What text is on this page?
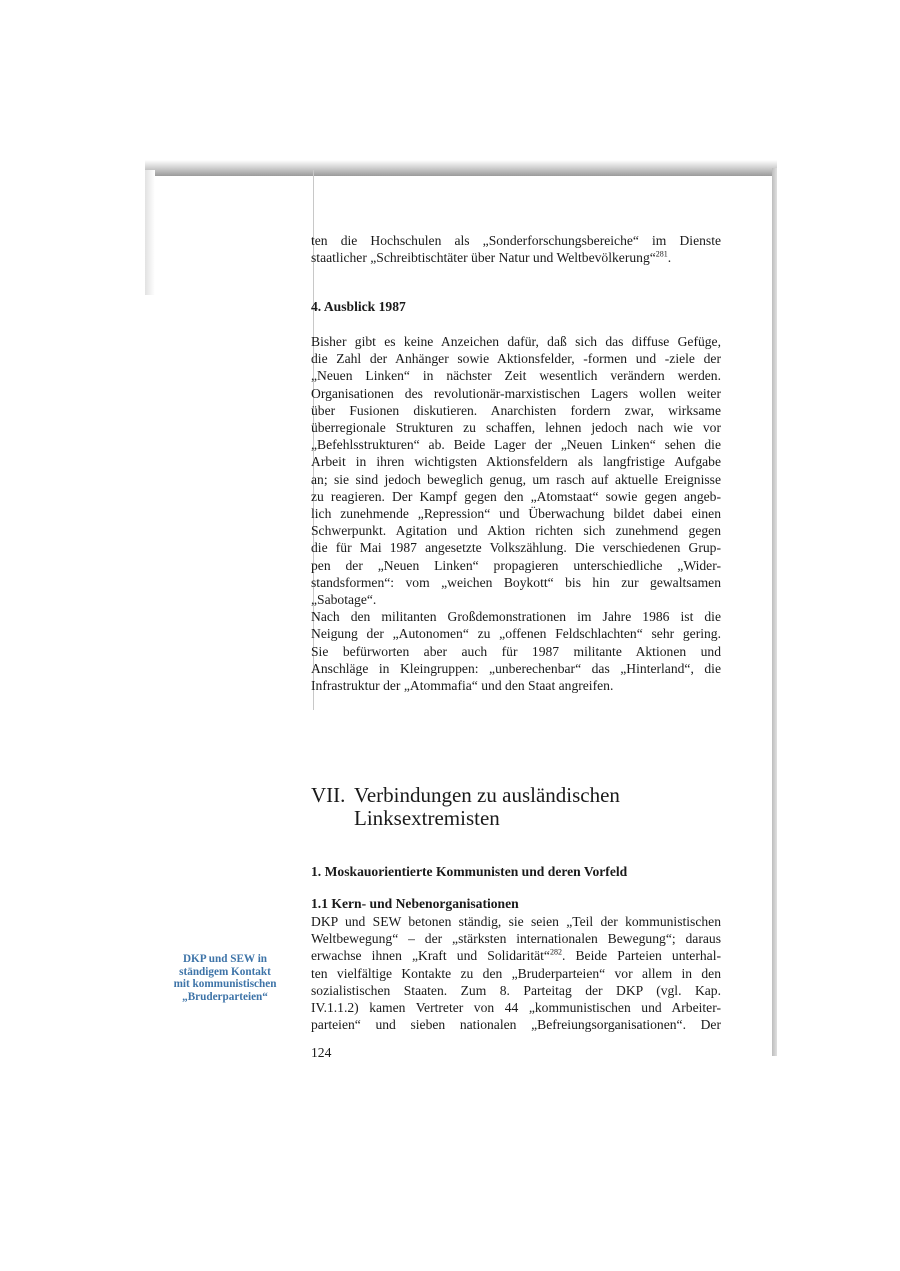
ten die Hochschulen als „Sonderforschungsbereiche“ im Dienste
staatlicher „Schreibtischtäter über Natur und Weltbevölkerung“$^{281}$.
4. Ausblick 1987
Bisher gibt es keine Anzeichen dafür, daß sich das diffuse Gefüge,
die Zahl der Anhänger sowie Aktionsfelder, -formen und -ziele der
„Neuen Linken“ in nächster Zeit wesentlich verändern werden.
Organisationen des revolutionär-marxistischen Lagers wollen weiter
über Fusionen diskutieren. Anarchisten fordern zwar, wirksame
überregionale Strukturen zu schaffen, lehnen jedoch nach wie vor
„Befehlsstrukturen“ ab. Beide Lager der „Neuen Linken“ sehen die
Arbeit in ihren wichtigsten Aktionsfeldern als langfristige Aufgabe
an; sie sind jedoch beweglich genug, um rasch auf aktuelle Ereignisse
zu reagieren. Der Kampf gegen den „Atomstaat“ sowie gegen angeb-
lich zunehmende „Repression“ und Überwachung bildet dabei einen
Schwerpunkt. Agitation und Aktion richten sich zunehmend gegen
die für Mai 1987 angesetzte Volkszählung. Die verschiedenen Grup-
pen der „Neuen Linken“ propagieren unterschiedliche „Wider-
standsformen“: vom „weichen Boykott“ bis hin zur gewaltsamen
„Sabotage“.
Nach den militanten Großdemonstrationen im Jahre 1986 ist die
Neigung der „Autonomen“ zu „offenen Feldschlachten“ sehr gering.
Sie befürworten aber auch für 1987 militante Aktionen und
Anschläge in Kleingruppen: „unberechenbar“ das „Hinterland“, die
Infrastruktur der „Atommafia“ und den Staat angreifen.
VII. Verbindungen zu ausländischen
Linksextremisten
1. Moskauorientierte Kommunisten und deren Vorfeld
1.1 Kern- und Nebenorganisationen
DKP und SEW betonen ständig, sie seien „Teil der kommunistischen
Weltbewegung“ – der „stärksten internationalen Bewegung“; daraus
erwachse ihnen „Kraft und Solidarität“$^{282}$. Beide Parteien unterhal-
ten vielfältige Kontakte zu den „Bruderparteien“ vor allem in den
sozialistischen Staaten. Zum 8. Parteitag der DKP (vgl. Kap.
IV.1.1.2) kamen Vertreter von 44 „kommunistischen und Arbeiter-
parteien“ und sieben nationalen „Befreiungsorganisationen“. Der
DKP und SEW in
ständigem Kontakt
mit kommunistischen
„Bruderparteien“
124
